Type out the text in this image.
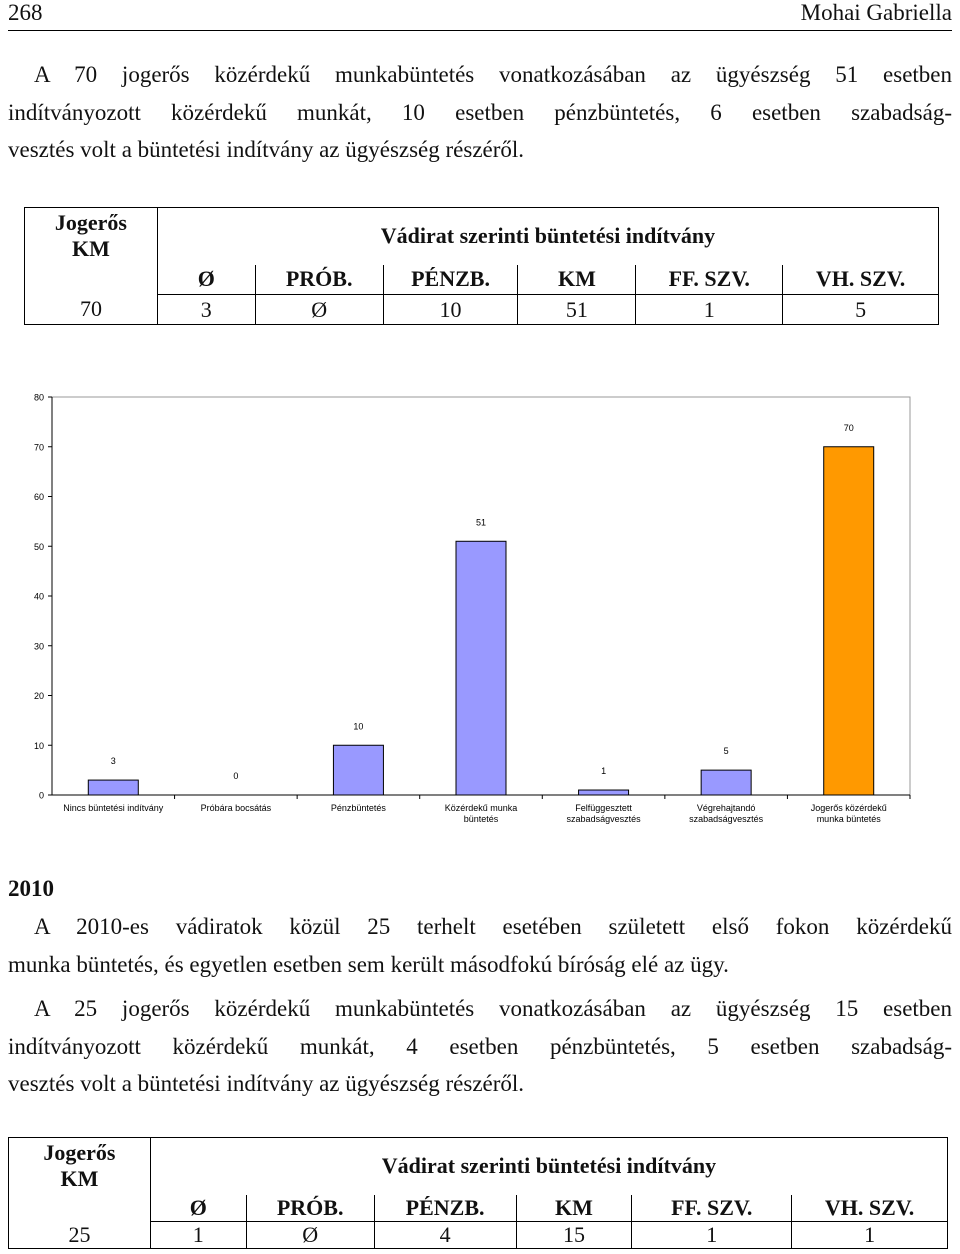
268	Mohai Gabriella
A 70 jogerős közérdekű munkabüntetés vonatkozásában az ügyészség 51 esetben
indítványozott közérdekű munkát, 10 esetben pénzbüntetés, 6 esetben szabadság-
vesztés volt a büntetési indítvány az ügyészség részéről.
Jogerős
KM	Vádirat szerinti büntetési indítvány					
	Ø	PRÓB.	PÉNZB.	KM	FF. SZV.	VH. SZV.
70	3	Ø	10	51	1	5
0
10
20
30
40
50
60
70
80
3
Nincs büntetési indítvány
0
Próbára bocsátás
10
Pénzbüntetés
51
Közérdekű munka büntetés
1
Felfüggesztett szabadságvesztés
5
Végrehajtandó szabadságvesztés
70
Jogerős közérdekű munka büntetés
2010
A 2010-es vádiratok közül 25 terhelt esetében született első fokon közérdekű
munka büntetés, és egyetlen esetben sem került másodfokú bíróság elé az ügy.
A 25 jogerős közérdekű munkabüntetés vonatkozásában az ügyészség 15 esetben
indítványozott közérdekű munkát, 4 esetben pénzbüntetés, 5 esetben szabadság-
vesztés volt a büntetési indítvány az ügyészség részéről.
Jogerős
KM	Vádirat szerinti büntetési indítvány					
	Ø	PRÓB.	PÉNZB.	KM	FF. SZV.	VH. SZV.
25	1	Ø	4	15	1	1
